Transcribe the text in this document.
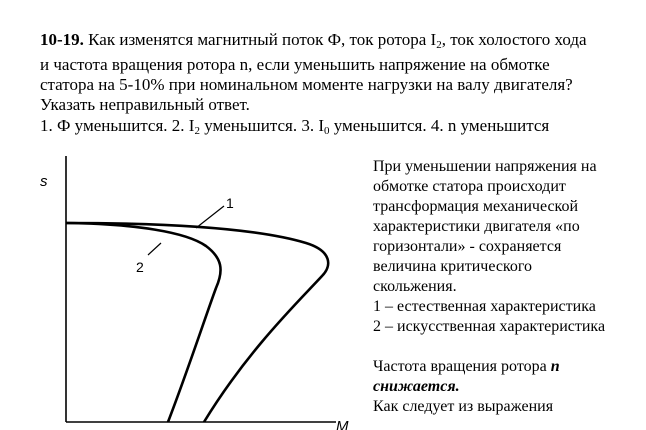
10-19. Как изменятся магнитный поток Ф, ток ротора $I_2$, ток холостого хода
и частота вращения ротора n, если уменьшить напряжение на обмотке
статора на 5-10% при номинальном моменте нагрузки на валу двигателя?
Указать неправильный ответ.
1. Ф уменьшится. 2. $I_2$ уменьшится. 3. $I_0$ уменьшится. 4. n уменьшится
s
M
1
2

При уменьшении напряжения на

обмотке статора происходит

трансформация механической

характеристики двигателя «по

горизонтали» - сохраняется

величина критического

скольжения.

1 – естественная характеристика

2 – искусственная характеристика

Частота вращения ротора n

снижается.

Как следует из выражения
